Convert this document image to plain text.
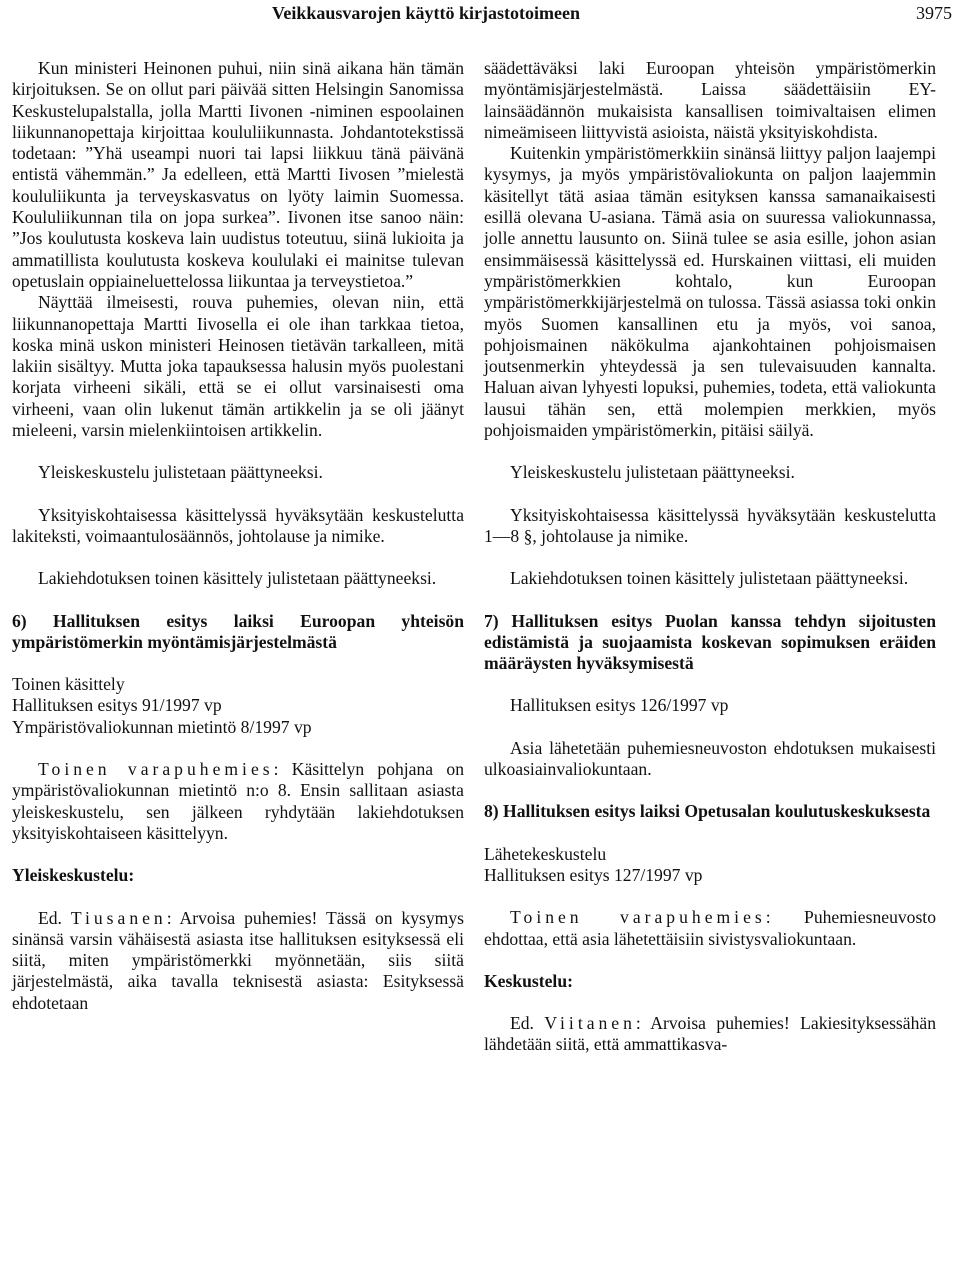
Veikkausvarojen käyttö kirjastotoimeen	3975

Kun ministeri Heinonen puhui, niin sinä aikana hän tämän kirjoituksen. Se on ollut pari päivää sitten Helsingin Sanomissa Keskustelupalstalla, jolla Martti Iivonen -niminen espoolainen liikunnanopettaja kirjoittaa koululiikunnasta. Johdantotekstissä todetaan: ”Yhä useampi nuori tai lapsi liikkuu tänä päivänä entistä vähemmän.” Ja edelleen, että Martti Iivosen ”mielestä koululiikunta ja terveyskasvatus on lyöty laimin Suomessa. Koululiikunnan tila on jopa surkea”. Iivonen itse sanoo näin: ”Jos koulutusta koskeva lain uudistus toteutuu, siinä lukioita ja ammatillista koulutusta koskeva koululaki ei mainitse tulevan opetuslain oppiaineluettelossa liikuntaa ja terveystietoa.”

Näyttää ilmeisesti, rouva puhemies, olevan niin, että liikunnanopettaja Martti Iivosella ei ole ihan tarkkaa tietoa, koska minä uskon ministeri Heinosen tietävän tarkalleen, mitä lakiin sisältyy. Mutta joka tapauksessa halusin myös puolestani korjata virheeni sikäli, että se ei ollut varsinaisesti oma virheeni, vaan olin lukenut tämän artikkelin ja se oli jäänyt mieleeni, varsin mielenkiintoisen artikkelin.

Yleiskeskustelu julistetaan päättyneeksi.

Yksityiskohtaisessa käsittelyssä hyväksytään keskustelutta lakiteksti, voimaantulosäännös, johtolause ja nimike.

Lakiehdotuksen toinen käsittely julistetaan päättyneeksi.

6) Hallituksen esitys laiksi Euroopan yhteisön ympäristömerkin myöntämisjärjestelmästä

Toinen käsittely

Hallituksen esitys 91/1997 vp

Ympäristövaliokunnan mietintö 8/1997 vp

Toinen varapuhemies: Käsittelyn pohjana on ympäristövaliokunnan mietintö n:o 8. Ensin sallitaan asiasta yleiskeskustelu, sen jälkeen ryhdytään lakiehdotuksen yksityiskohtaiseen käsittelyyn.

Yleiskeskustelu:

Ed. Tiusanen: Arvoisa puhemies! Tässä on kysymys sinänsä varsin vähäisestä asiasta itse hallituksen esityksessä eli siitä, miten ympäristömerkki myönnetään, siis siitä järjestelmästä, aika tavalla teknisestä asiasta: Esityksessä ehdotetaan

säädettäväksi laki Euroopan yhteisön ympäristömerkin myöntämisjärjestelmästä. Laissa säädettäisiin EY-lainsäädännön mukaisista kansallisen toimivaltaisen elimen nimeämiseen liittyvistä asioista, näistä yksityiskohdista.

Kuitenkin ympäristömerkkiin sinänsä liittyy paljon laajempi kysymys, ja myös ympäristövaliokunta on paljon laajemmin käsitellyt tätä asiaa tämän esityksen kanssa samanaikaisesti esillä olevana U-asiana. Tämä asia on suuressa valiokunnassa, jolle annettu lausunto on. Siinä tulee se asia esille, johon asian ensimmäisessä käsittelyssä ed. Hurskainen viittasi, eli muiden ympäristömerkkien kohtalo, kun Euroopan ympäristömerkkijärjestelmä on tulossa. Tässä asiassa toki onkin myös Suomen kansallinen etu ja myös, voi sanoa, pohjoismainen näkökulma ajankohtainen pohjoismaisen joutsenmerkin yhteydessä ja sen tulevaisuuden kannalta. Haluan aivan lyhyesti lopuksi, puhemies, todeta, että valiokunta lausui tähän sen, että molempien merkkien, myös pohjoismaiden ympäristömerkin, pitäisi säilyä.

Yleiskeskustelu julistetaan päättyneeksi.

Yksityiskohtaisessa käsittelyssä hyväksytään keskustelutta 1—8 §, johtolause ja nimike.

Lakiehdotuksen toinen käsittely julistetaan päättyneeksi.

7) Hallituksen esitys Puolan kanssa tehdyn sijoitusten edistämistä ja suojaamista koskevan sopimuksen eräiden määräysten hyväksymisestä

Hallituksen esitys 126/1997 vp

Asia lähetetään puhemiesneuvoston ehdotuksen mukaisesti ulkoasiainvaliokuntaan.

8) Hallituksen esitys laiksi Opetusalan koulutuskeskuksesta

Lähetekeskustelu

Hallituksen esitys 127/1997 vp

Toinen varapuhemies: Puhemiesneuvosto ehdottaa, että asia lähetettäisiin sivistysvaliokuntaan.

Keskustelu:

Ed. Viitanen: Arvoisa puhemies! Lakiesityksessähän lähdetään siitä, että ammattikasva-
